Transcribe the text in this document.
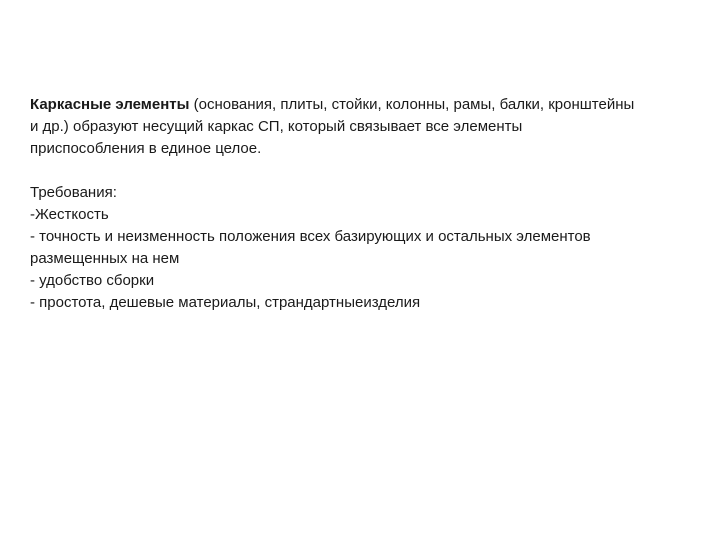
Каркасные элементы (основания, плиты, стойки, колонны, рамы, балки, кронштейны
и др.) образуют несущий каркас СП, который связывает все элементы
приспособления в единое целое.

Требования:
-Жесткость
- точность и неизменность положения всех базирующих и остальных элементов
размещенных на нем
- удобство сборки
- простота, дешевые материалы, страндартныеизделия
